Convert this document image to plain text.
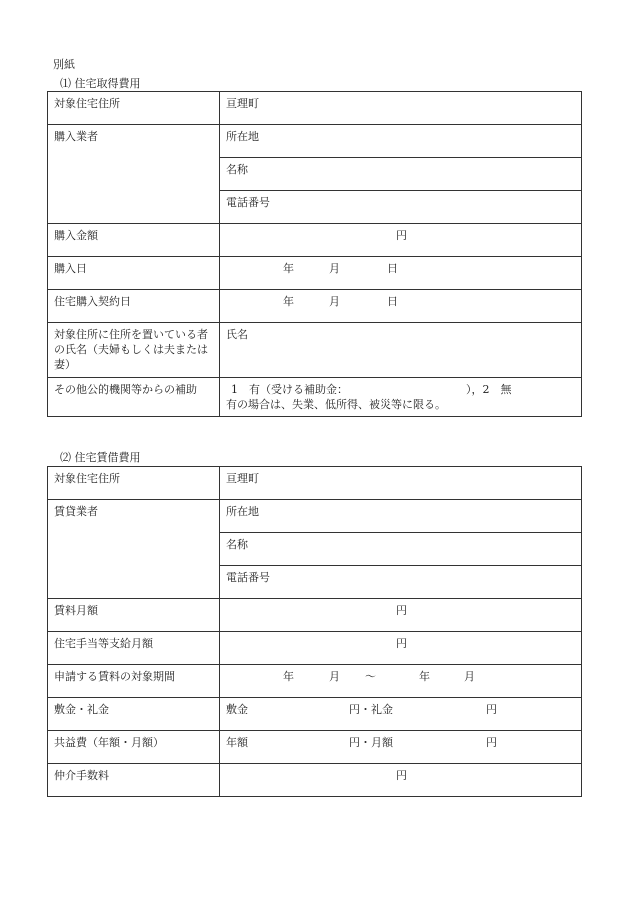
別紙
⑴ 住宅取得費用
対象住宅住所	亘理町
購入業者	所在地
	名称
	電話番号
購入金額	円

購入日	年 月 日

住宅購入契約日	年 月 日

対象住所に住所を置いている者の氏名（夫婦もしくは夫または妻）	氏名
その他公的機関等からの補助	1　有（受ける補助金： ），2　無
有の場合は、失業、低所得、被災等に限る。
⑵ 住宅賃借費用
対象住宅住所	亘理町
賃貸業者	所在地
	名称
	電話番号
賃料月額	円

住宅手当等支給月額	円

申請する賃料の対象期間	年 月 〜 年 月

敷金・礼金	敷金 円・礼金 円

共益費（年額・月額）	年額 円・月額 円

仲介手数料	円
